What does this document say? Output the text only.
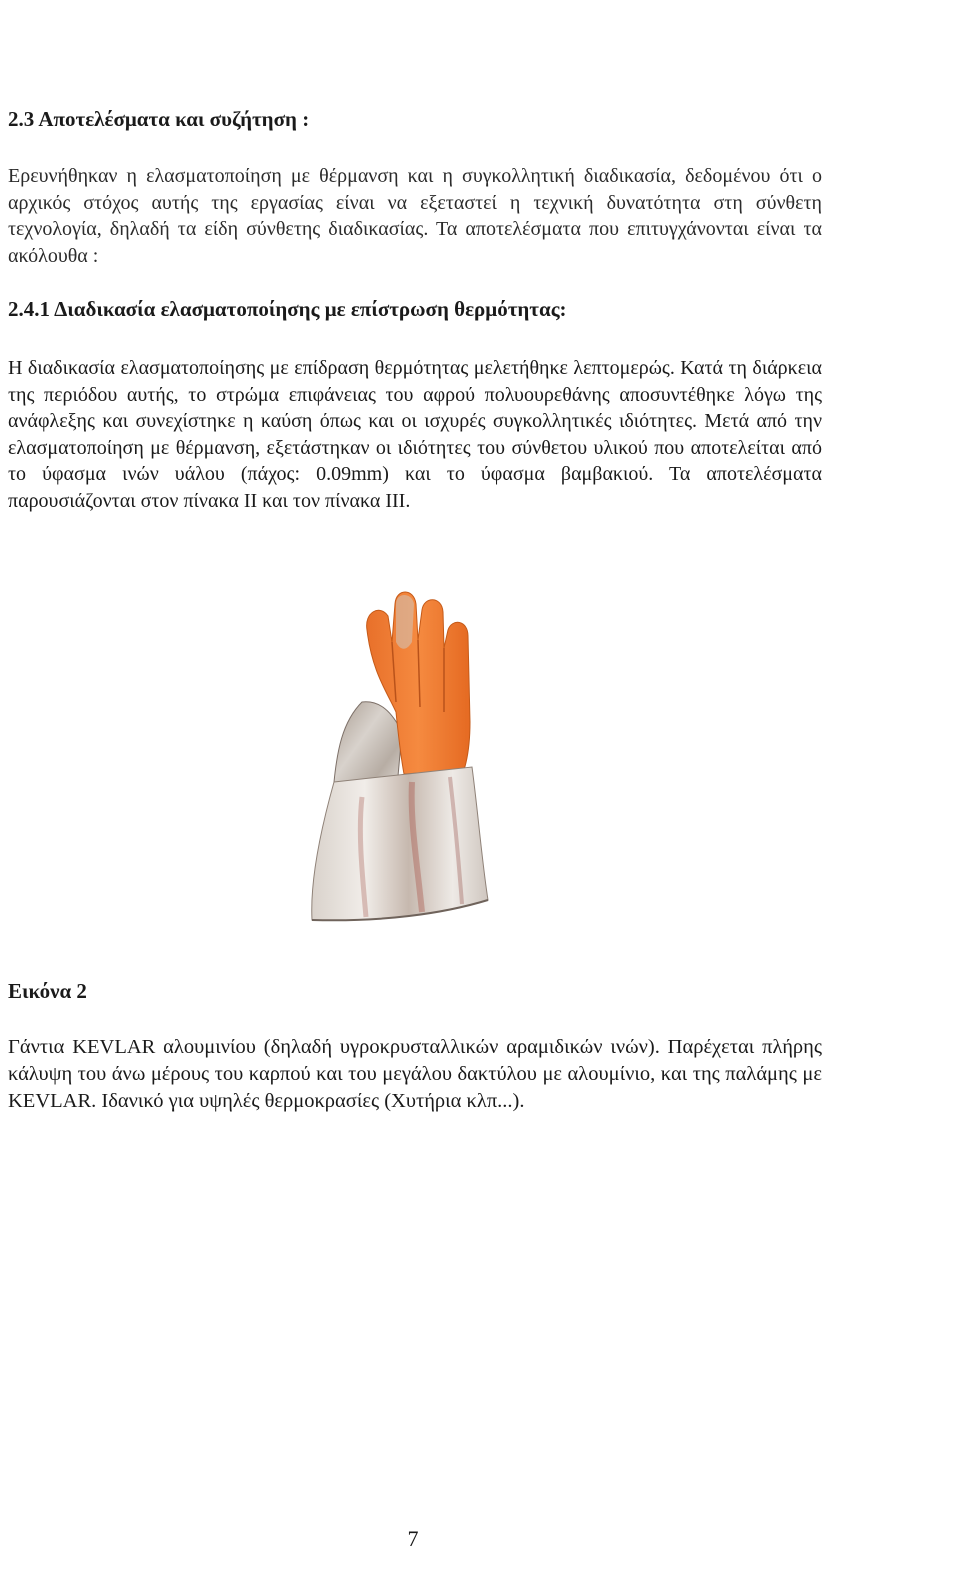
2.3 Αποτελέσματα και συζήτηση :

Ερευνήθηκαν η ελασματοποίηση με θέρμανση και η συγκολλητική διαδικασία, δεδομένου ότι ο αρχικός στόχος αυτής της εργασίας είναι να εξεταστεί η τεχνική δυνατότητα στη σύνθετη τεχνολογία, δηλαδή τα είδη σύνθετης διαδικασίας. Τα αποτελέσματα που επιτυγχάνονται είναι τα ακόλουθα :

2.4.1 Διαδικασία ελασματοποίησης με επίστρωση θερμότητας:

Η διαδικασία ελασματοποίησης με επίδραση θερμότητας μελετήθηκε λεπτομερώς. Κατά τη διάρκεια της περιόδου αυτής, το στρώμα επιφάνειας του αφρού πολυουρεθάνης αποσυντέθηκε λόγω της ανάφλεξης και συνεχίστηκε η καύση όπως και οι ισχυρές συγκολλητικές ιδιότητες. Μετά από την ελασματοποίηση με θέρμανση, εξετάστηκαν οι ιδιότητες του σύνθετου υλικού που αποτελείται από το ύφασμα ινών υάλου (πάχος: 0.09mm) και το ύφασμα βαμβακιού. Τα αποτελέσματα παρουσιάζονται στον πίνακα ΙΙ και τον πίνακα ΙΙΙ.

Εικόνα 2

Γάντια KEVLAR αλουμινίου (δηλαδή υγροκρυσταλλικών αραμιδικών ινών). Παρέχεται πλήρης κάλυψη του άνω μέρους του καρπού και του μεγάλου δακτύλου με αλουμίνιο, και της παλάμης με KEVLAR. Ιδανικό για υψηλές θερμοκρασίες (Χυτήρια κλπ...).

7
